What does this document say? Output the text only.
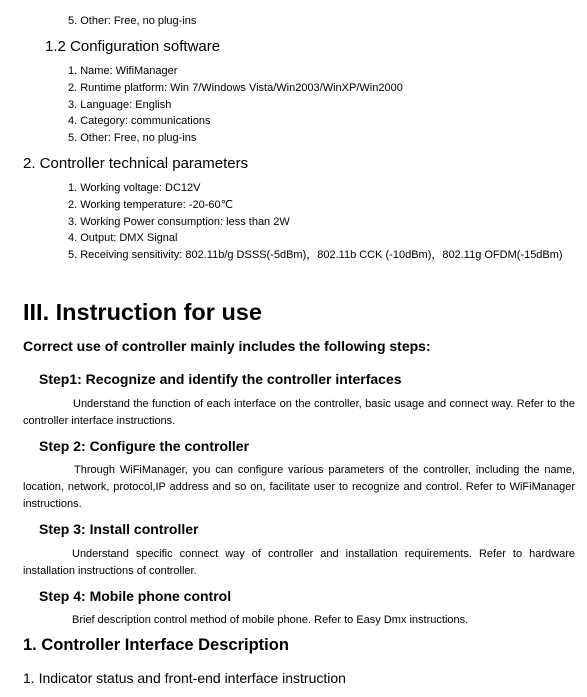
5. Other: Free, no plug-ins
1.2 Configuration software
1. Name: WifiManager
2. Runtime platform: Win 7/Windows Vista/Win2003/WinXP/Win2000
3. Language: English
4. Category: communications
5. Other: Free, no plug-ins
2. Controller technical parameters
1. Working voltage: DC12V
2. Working temperature: -20-60℃
3. Working Power consumption: less than 2W
4. Output: DMX Signal
5. Receiving sensitivity: 802.11b/g DSSS(-5dBm)，802.11b CCK (-10dBm)，802.11g OFDM(-15dBm)
III. Instruction for use

Correct use of controller mainly includes the following steps:

Step1: Recognize and identify the controller interfaces

Understand the function of each interface on the controller, basic usage and connect way. Refer to the controller interface instructions.

Step 2: Configure the controller

Through WiFiManager, you can configure various parameters of the controller, including the name, location, network, protocol,IP address and so on, facilitate user to recognize and control. Refer to WiFiManager instructions.

Step 3: Install controller

Understand specific connect way of controller and installation requirements. Refer to hardware installation instructions of controller.

Step 4: Mobile phone control

Brief description control method of mobile phone. Refer to Easy Dmx instructions.

1. Controller Interface Description
1. Indicator status and front-end interface instruction
